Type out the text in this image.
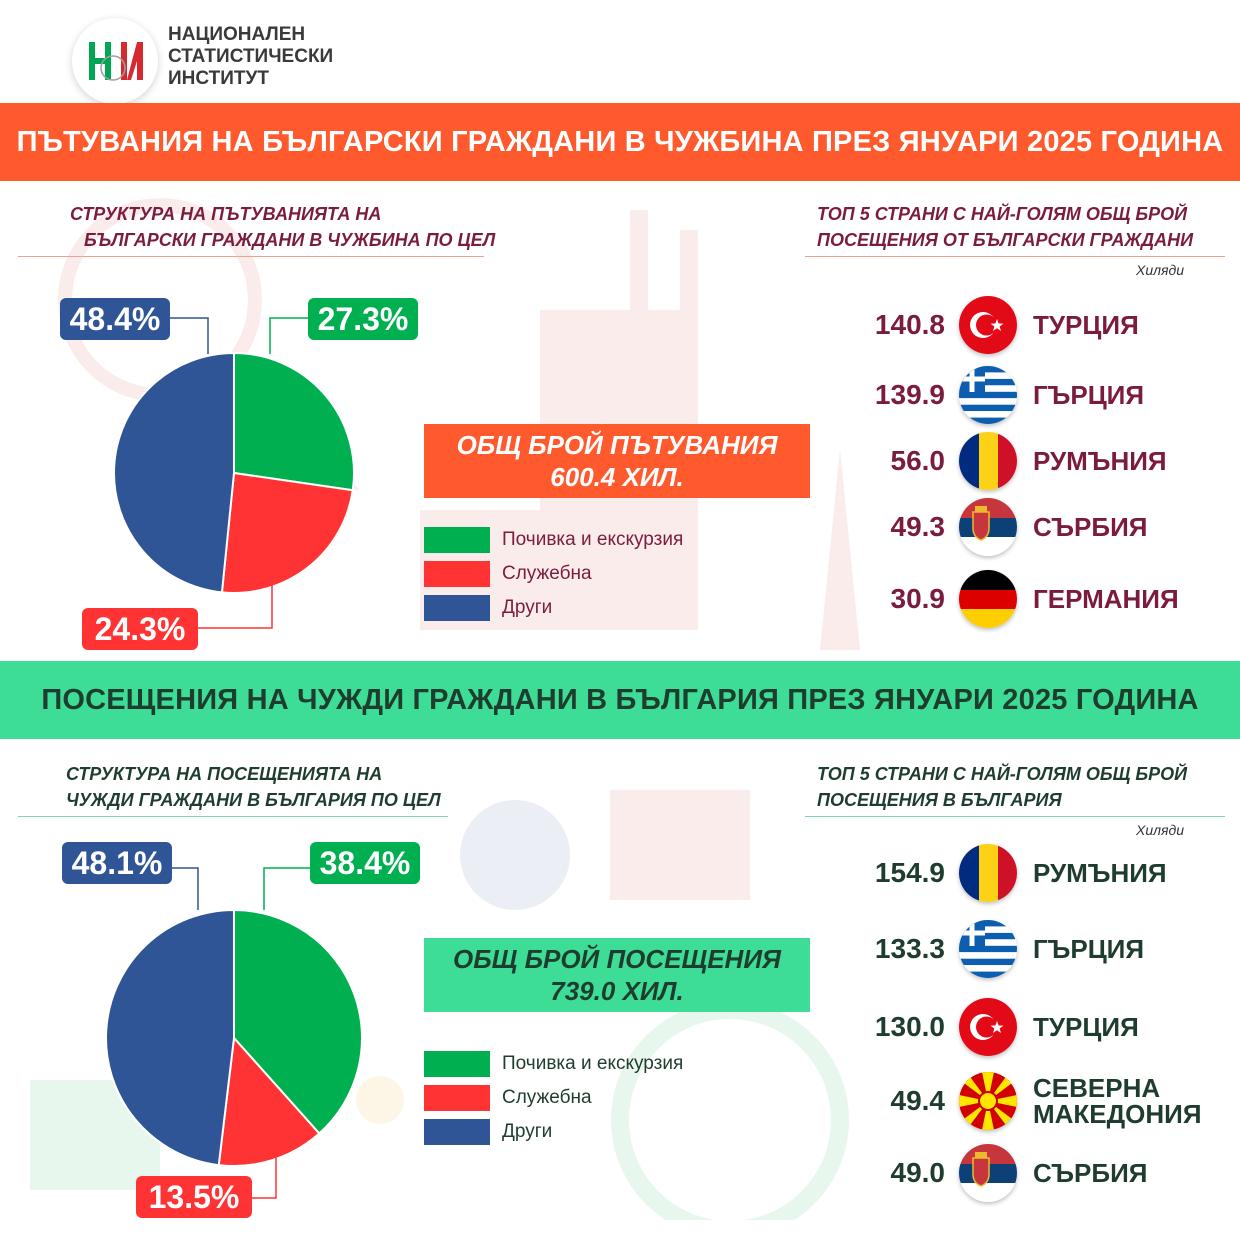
НАЦИОНАЛЕН
СТАТИСТИЧЕСКИ
ИНСТИТУТ
ПЪТУВАНИЯ НА БЪЛГАРСКИ ГРАЖДАНИ В ЧУЖБИНА ПРЕЗ ЯНУАРИ 2025 ГОДИНА
СТРУКТУРА НА ПЪТУВАНИЯТА НА
БЪЛГАРСКИ ГРАЖДАНИ В ЧУЖБИНА ПО ЦЕЛ
ТОП 5 СТРАНИ С НАЙ-ГОЛЯМ ОБЩ БРОЙ
ПОСЕЩЕНИЯ ОТ БЪЛГАРСКИ ГРАЖДАНИ
Хиляди
27.3%
24.3%
48.4%
ОБЩ БРОЙ ПЪТУВАНИЯ
600.4 ХИЛ.
Почивка и екскурзия
Служебна
Други
140.8	ТУРЦИЯ
139.9	ГЪРЦИЯ
56.0	РУМЪНИЯ
49.3	СЪРБИЯ
30.9	ГЕРМАНИЯ
ПОСЕЩЕНИЯ НА ЧУЖДИ ГРАЖДАНИ В БЪЛГАРИЯ ПРЕЗ ЯНУАРИ 2025 ГОДИНА
СТРУКТУРА НА ПОСЕЩЕНИЯТА НА
ЧУЖДИ ГРАЖДАНИ В БЪЛГАРИЯ ПО ЦЕЛ
ТОП 5 СТРАНИ С НАЙ-ГОЛЯМ ОБЩ БРОЙ
ПОСЕЩЕНИЯ В БЪЛГАРИЯ
Хиляди
38.4%
13.5%
48.1%
ОБЩ БРОЙ ПОСЕЩЕНИЯ
739.0 ХИЛ.
Почивка и екскурзия
Служебна
Други
154.9	РУМЪНИЯ
133.3	ГЪРЦИЯ
130.0	ТУРЦИЯ
49.4	СЕВЕРНА
МАКЕДОНИЯ
49.0	СЪРБИЯ
